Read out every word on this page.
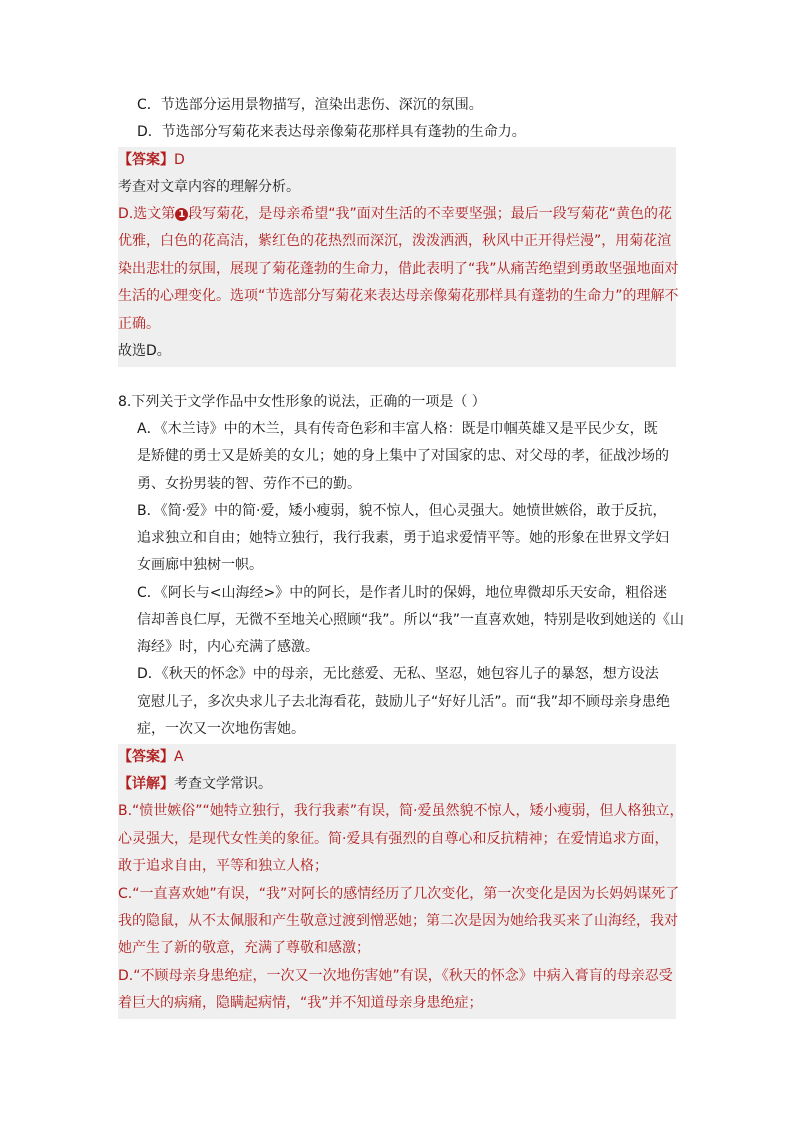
C．节选部分运用景物描写，渲染出悲伤、深沉的氛围。
D．节选部分写菊花来表达母亲像菊花那样具有蓬勃的生命力。
【答案】D
考查对文章内容的理解分析。
D.选文第 1 段写菊花，是母亲希望“我”面对生活的不幸要坚强；最后一段写菊花“黄色的花
优雅，白色的花高洁，紫红色的花热烈而深沉，泼泼洒洒，秋风中正开得烂漫”，用菊花渲
染出悲壮的氛围，展现了菊花蓬勃的生命力，借此表明了“我”从痛苦绝望到勇敢坚强地面对
生活的心理变化。选项“节选部分写菊花来表达母亲像菊花那样具有蓬勃的生命力”的理解不
正确。
故选D。
8.下列关于文学作品中女性形象的说法，正确的一项是（ ）
A．《木兰诗》中的木兰，具有传奇色彩和丰富人格：既是巾帼英雄又是平民少女，既
是矫健的勇士又是娇美的女儿；她的身上集中了对国家的忠、对父母的孝，征战沙场的
勇、女扮男装的智、劳作不已的勤。
B．《简·爱》中的简·爱，矮小瘦弱，貌不惊人，但心灵强大。她愤世嫉俗，敢于反抗，
追求独立和自由；她特立独行，我行我素，勇于追求爱情平等。她的形象在世界文学妇
女画廊中独树一帜。
C．《阿长与<山海经>》中的阿长，是作者儿时的保姆，地位卑微却乐天安命，粗俗迷
信却善良仁厚，无微不至地关心照顾“我”。所以“我”一直喜欢她，特别是收到她送的《山
海经》时，内心充满了感激。
D．《秋天的怀念》中的母亲，无比慈爱、无私、坚忍，她包容儿子的暴怒，想方设法
宽慰儿子，多次央求儿子去北海看花，鼓励儿子“好好儿活”。而“我”却不顾母亲身患绝
症，一次又一次地伤害她。
【答案】A
【详解】考查文学常识。
B.“愤世嫉俗”“她特立独行，我行我素”有误，简·爱虽然貌不惊人，矮小瘦弱，但人格独立，
心灵强大，是现代女性美的象征。简·爱具有强烈的自尊心和反抗精神；在爱情追求方面，
敢于追求自由，平等和独立人格；
C.“一直喜欢她”有误，“我”对阿长的感情经历了几次变化，第一次变化是因为长妈妈谋死了
我的隐鼠，从不太佩服和产生敬意过渡到憎恶她；第二次是因为她给我买来了山海经，我对
她产生了新的敬意，充满了尊敬和感激；
D.“不顾母亲身患绝症，一次又一次地伤害她”有误，《秋天的怀念》中病入膏肓的母亲忍受
着巨大的病痛，隐瞒起病情，“我”并不知道母亲身患绝症；
